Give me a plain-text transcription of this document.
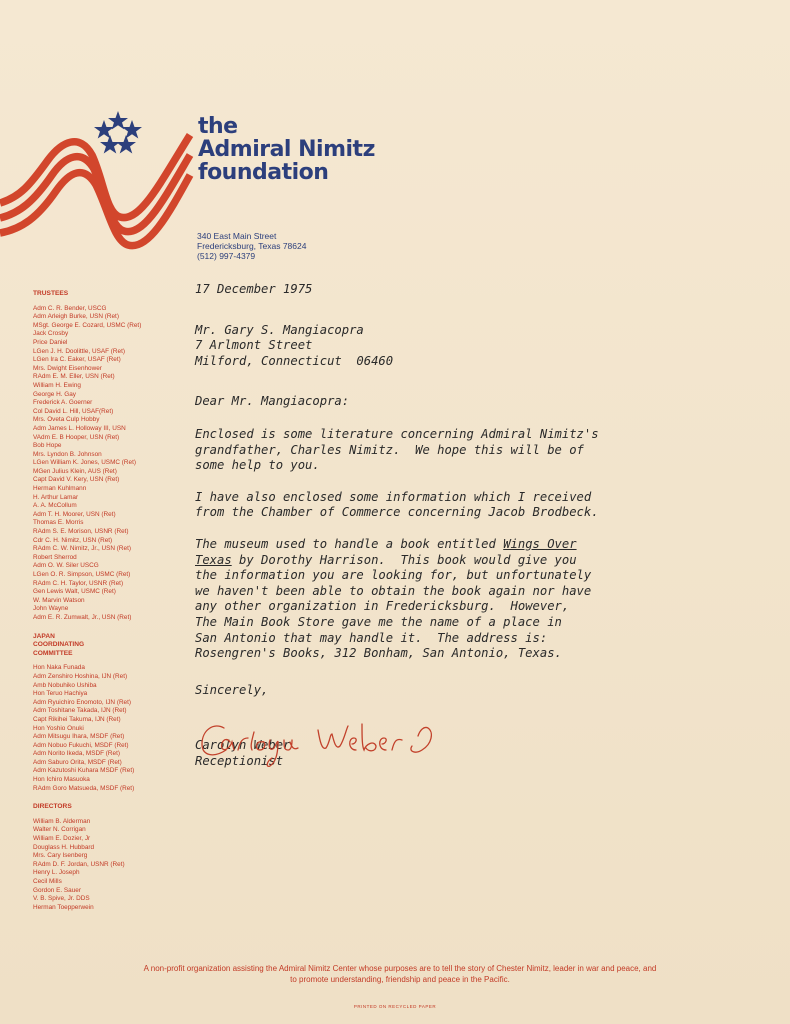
the
Admiral Nimitz
foundation
340 East Main Street
Fredericksburg, Texas 78624
(512) 997-4379
TRUSTEES
Adm C. R. Bender, USCG
Adm Arleigh Burke, USN (Ret)
MSgt. George E. Cozard, USMC (Ret)
Jack Crosby
Price Daniel
LGen J. H. Doolittle, USAF (Ret)
LGen Ira C. Eaker, USAF (Ret)
Mrs. Dwight Eisenhower
RAdm E. M. Eller, USN (Ret)
William H. Ewing
George H. Gay
Frederick A. Goerner
Col David L. Hill, USAF(Ret)
Mrs. Oveta Culp Hobby
Adm James L. Holloway III, USN
VAdm E. B Hooper, USN (Ret)
Bob Hope
Mrs. Lyndon B. Johnson
LGen William K. Jones, USMC (Ret)
MGen Julius Klein, AUS (Ret)
Capt David V. Kery, USN (Ret)
Herman Kuhlmann
H. Arthur Lamar
A. A. McCollum
Adm T. H. Moorer, USN (Ret)
Thomas E. Morris
RAdm S. E. Morison, USNR (Ret)
Cdr C. H. Nimitz, USN (Ret)
RAdm C. W. Nimitz, Jr., USN (Ret)
Robert Sherrod
Adm O. W. Siler USCG
LGen O. R. Simpson, USMC (Ret)
RAdm C. H. Taylor, USNR (Ret)
Gen Lewis Walt, USMC (Ret)
W. Marvin Watson
John Wayne
Adm E. R. Zumwalt, Jr., USN (Ret)
JAPAN
COORDINATING
COMMITTEE
Hon Naka Funada
Adm Zenshiro Hoshina, IJN (Ret)
Amb Nobuhiko Ushiba
Hon Teruo Hachiya
Adm Ryuichiro Enomoto, IJN (Ret)
Adm Toshitane Takada, IJN (Ret)
Capt Rikihei Takuma, IJN (Ret)
Hon Yoshio Onuki
Adm Mitsugu Ihara, MSDF (Ret)
Adm Nobuo Fukuchi, MSDF (Ret)
Adm Norito Ikeda, MSDF (Ret)
Adm Saburo Orita, MSDF (Ret)
Adm Kazutoshi Kuhara MSDF (Ret)
Hon Ichiro Masuoka
RAdm Goro Matsueda, MSDF (Ret)
DIRECTORS
William B. Alderman
Walter N. Corrigan
William E. Dozier, Jr
Douglass H. Hubbard
Mrs. Cary Isenberg
RAdm D. F. Jordan, USNR (Ret)
Henry L. Joseph
Cecil Mills
Gordon E. Sauer
V. B. Spive, Jr. DDS
Herman Toepperwein

17 December 1975

Mr. Gary S. Mangiacopra

7 Arlmont Street

Milford, Connecticut  06460

Dear Mr. Mangiacopra:

Enclosed is some literature concerning Admiral Nimitz's

grandfather, Charles Nimitz.  We hope this will be of

some help to you.

I have also enclosed some information which I received

from the Chamber of Commerce concerning Jacob Brodbeck.

The museum used to handle a book entitled Wings Over

Texas by Dorothy Harrison.  This book would give you

the information you are looking for, but unfortunately

we haven't been able to obtain the book again nor have

any other organization in Fredericksburg.  However,

The Main Book Store gave me the name of a place in

San Antonio that may handle it.  The address is:

Rosengren's Books, 312 Bonham, San Antonio, Texas.

Sincerely,

Carolyn Weber

Receptionist

A non-profit organization assisting the Admiral Nimitz Center whose purposes are to tell the story of Chester Nimitz, leader in war and peace, and
to promote understanding, friendship and peace in the Pacific.
PRINTED ON RECYCLED PAPER
